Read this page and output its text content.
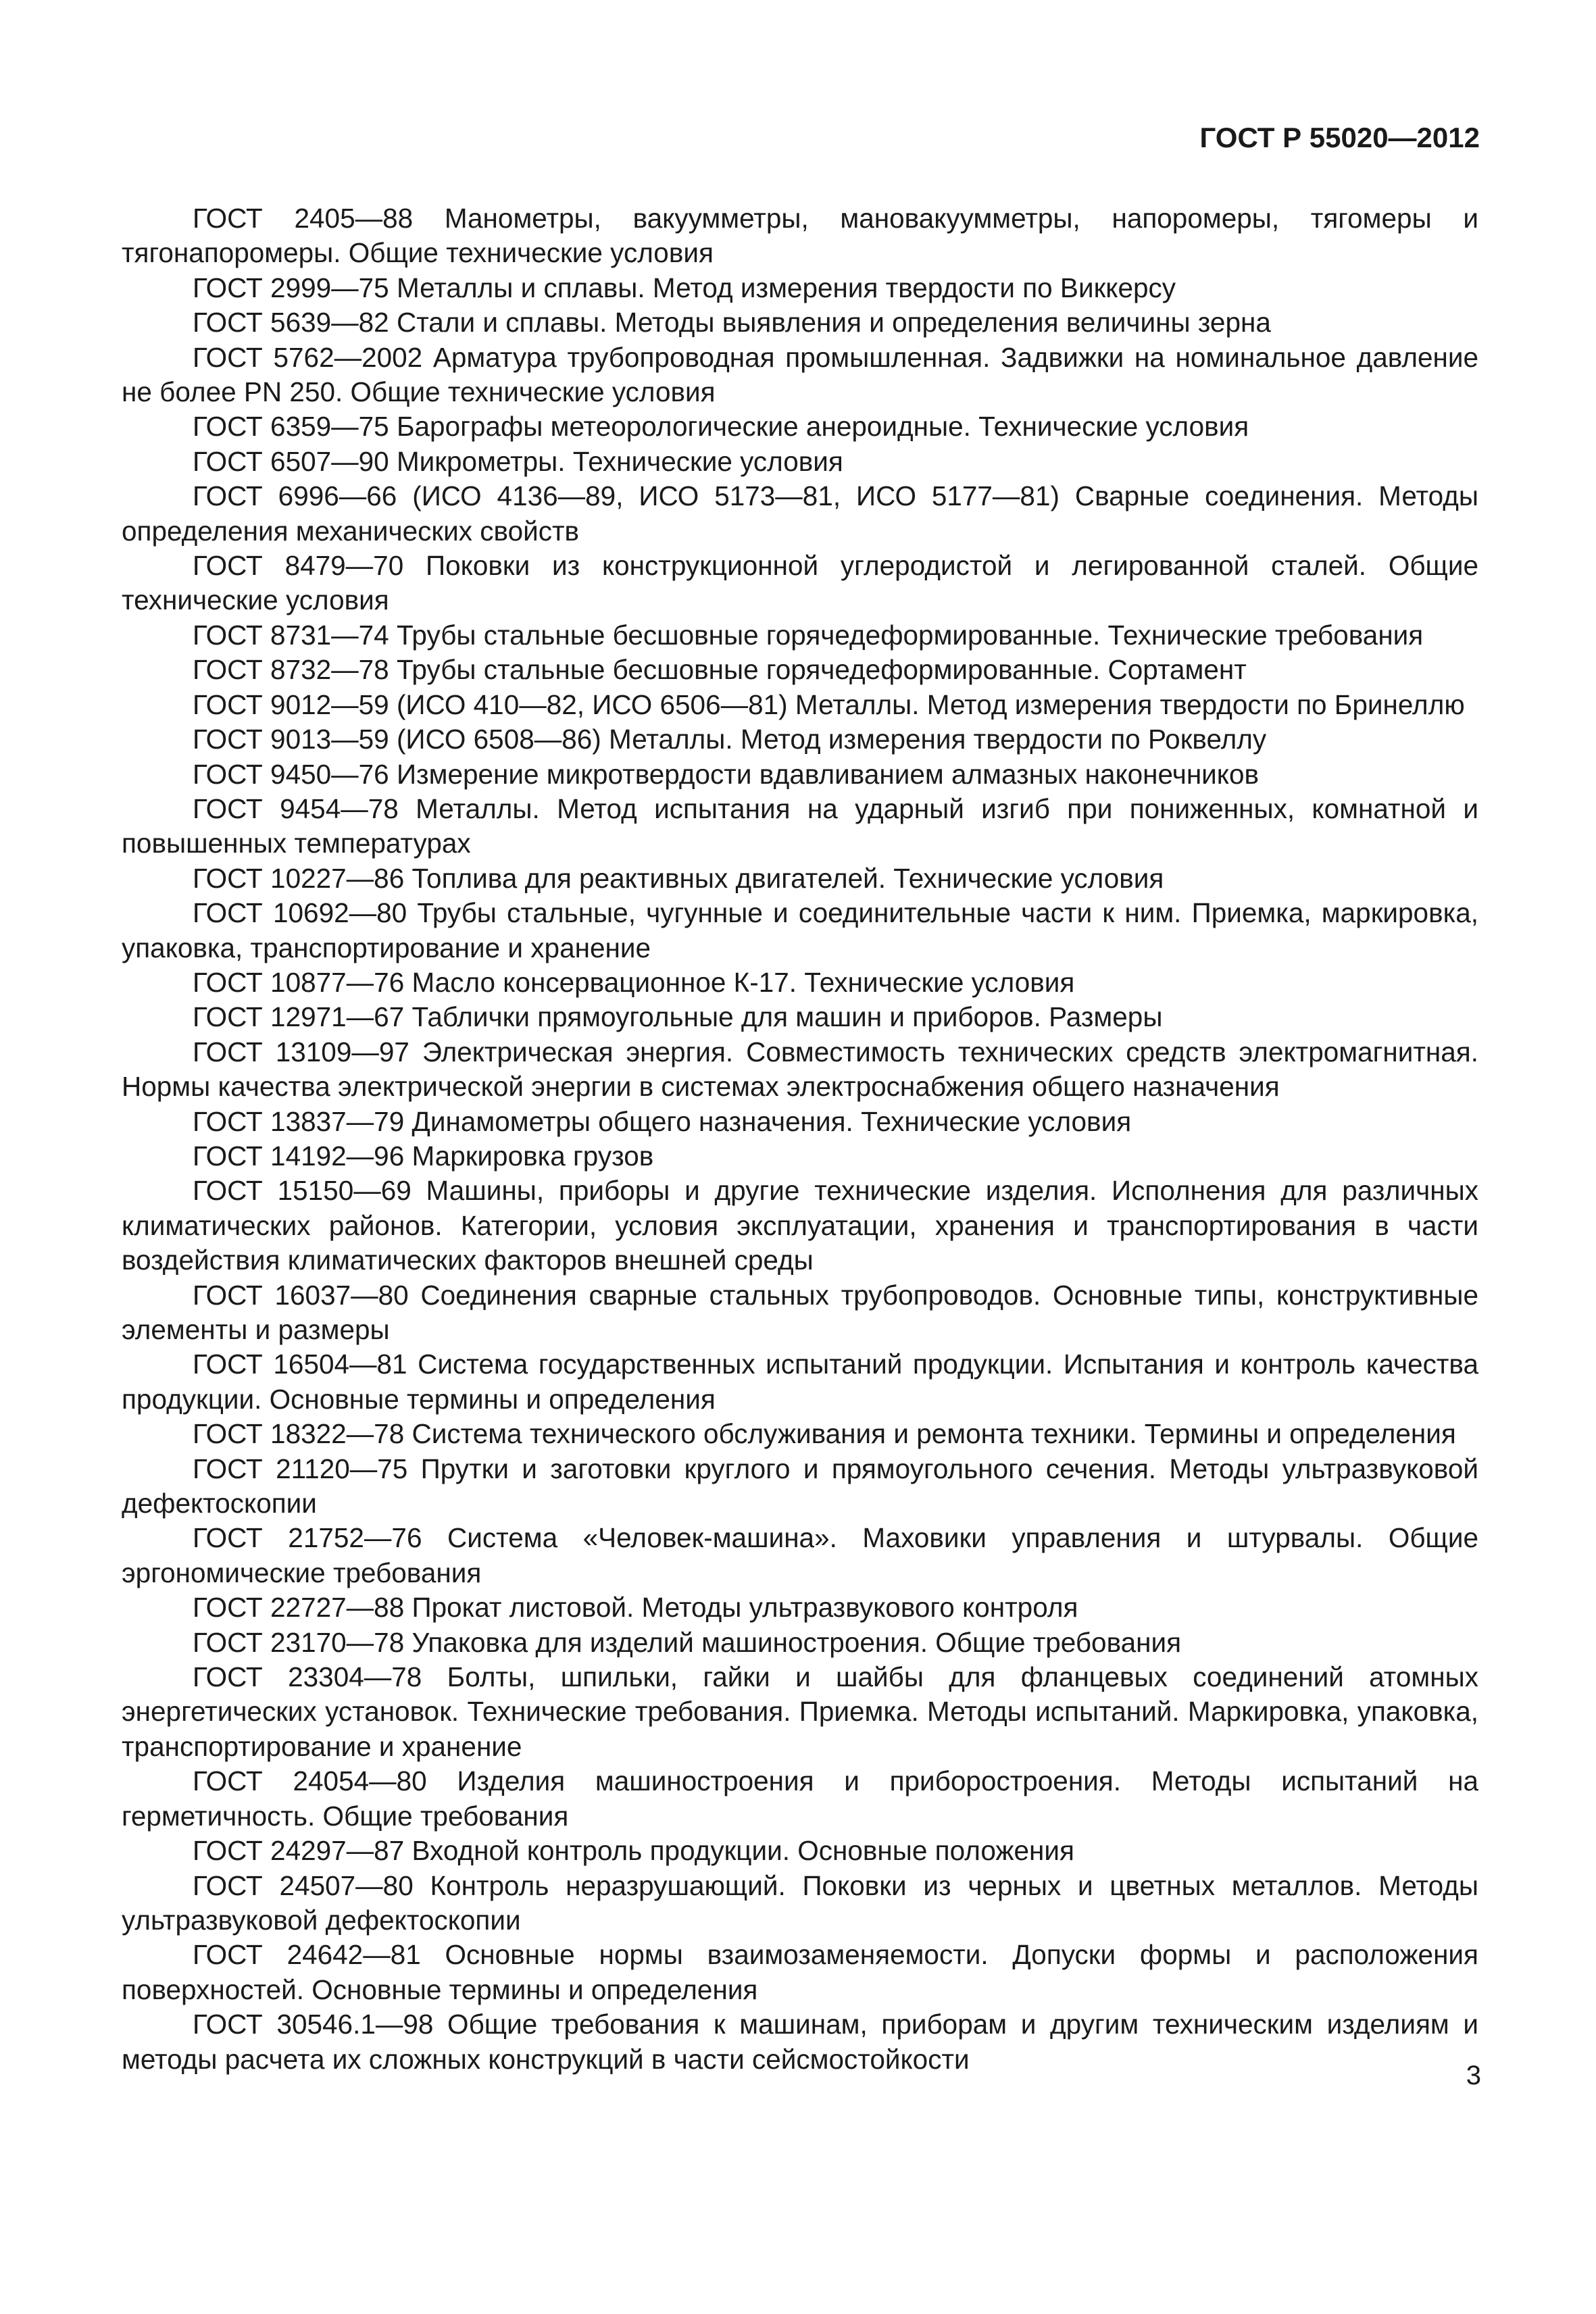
ГОСТ Р 55020—2012

ГОСТ 2405—88 Манометры, вакуумметры, мановакуумметры, напоромеры, тягомеры и тягонапоромеры. Общие технические условия

ГОСТ 2999—75 Металлы и сплавы. Метод измерения твердости по Виккерсу

ГОСТ 5639—82 Стали и сплавы. Методы выявления и определения величины зерна

ГОСТ 5762—2002 Арматура трубопроводная промышленная. Задвижки на номинальное давление не более PN 250. Общие технические условия

ГОСТ 6359—75 Барографы метеорологические анероидные. Технические условия

ГОСТ 6507—90 Микрометры. Технические условия

ГОСТ 6996—66 (ИСО 4136—89, ИСО 5173—81, ИСО 5177—81) Сварные соединения. Методы определения механических свойств

ГОСТ 8479—70 Поковки из конструкционной углеродистой и легированной сталей. Общие технические условия

ГОСТ 8731—74 Трубы стальные бесшовные горячедеформированные. Технические требования

ГОСТ 8732—78 Трубы стальные бесшовные горячедеформированные. Сортамент

ГОСТ 9012—59 (ИСО 410—82, ИСО 6506—81) Металлы. Метод измерения твердости по Бринеллю

ГОСТ 9013—59 (ИСО 6508—86) Металлы. Метод измерения твердости по Роквеллу

ГОСТ 9450—76 Измерение микротвердости вдавливанием алмазных наконечников

ГОСТ 9454—78 Металлы. Метод испытания на ударный изгиб при пониженных, комнатной и повышенных температурах

ГОСТ 10227—86 Топлива для реактивных двигателей. Технические условия

ГОСТ 10692—80 Трубы стальные, чугунные и соединительные части к ним. Приемка, маркировка, упаковка, транспортирование и хранение

ГОСТ 10877—76 Масло консервационное К-17. Технические условия

ГОСТ 12971—67 Таблички прямоугольные для машин и приборов. Размеры

ГОСТ 13109—97 Электрическая энергия. Совместимость технических средств электромагнитная. Нормы качества электрической энергии в системах электроснабжения общего назначения

ГОСТ 13837—79 Динамометры общего назначения. Технические условия

ГОСТ 14192—96 Маркировка грузов

ГОСТ 15150—69 Машины, приборы и другие технические изделия. Исполнения для различных климатических районов. Категории, условия эксплуатации, хранения и транспортирования в части воздействия климатических факторов внешней среды

ГОСТ 16037—80 Соединения сварные стальных трубопроводов. Основные типы, конструктивные элементы и размеры

ГОСТ 16504—81 Система государственных испытаний продукции. Испытания и контроль качества продукции. Основные термины и определения

ГОСТ 18322—78 Система технического обслуживания и ремонта техники. Термины и определения

ГОСТ 21120—75 Прутки и заготовки круглого и прямоугольного сечения. Методы ультразвуковой дефектоскопии

ГОСТ 21752—76 Система «Человек-машина». Маховики управления и штурвалы. Общие эргономические требования

ГОСТ 22727—88 Прокат листовой. Методы ультразвукового контроля

ГОСТ 23170—78 Упаковка для изделий машиностроения. Общие требования

ГОСТ 23304—78 Болты, шпильки, гайки и шайбы для фланцевых соединений атомных энергетических установок. Технические требования. Приемка. Методы испытаний. Маркировка, упаковка, транспортирование и хранение

ГОСТ 24054—80 Изделия машиностроения и приборостроения. Методы испытаний на герметичность. Общие требования

ГОСТ 24297—87 Входной контроль продукции. Основные положения

ГОСТ 24507—80 Контроль неразрушающий. Поковки из черных и цветных металлов. Методы ультразвуковой дефектоскопии

ГОСТ 24642—81 Основные нормы взаимозаменяемости. Допуски формы и расположения поверхностей. Основные термины и определения

ГОСТ 30546.1—98 Общие требования к машинам, приборам и другим техническим изделиям и методы расчета их сложных конструкций в части сейсмостойкости

3
